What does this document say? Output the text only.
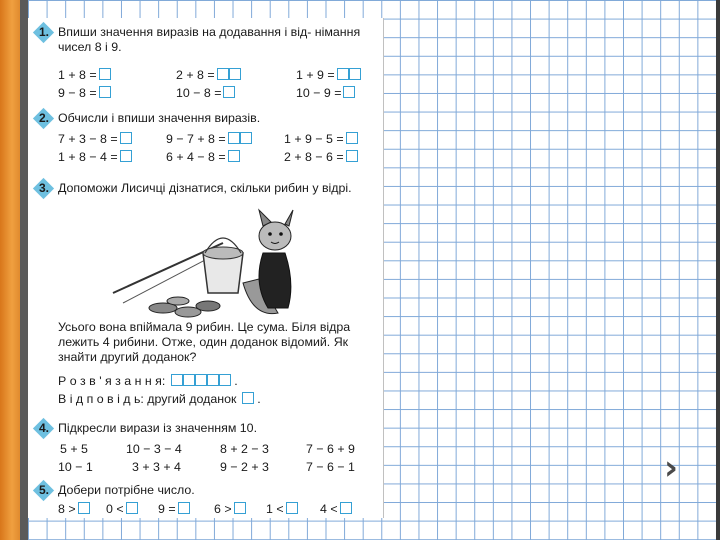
1. Впиши значення виразів на додавання і від- німання чисел 8 і 9.
1 + 8 =	2 + 8 =	1 + 9 =
9 − 8 =	10 − 8 =	10 − 9 =
2. Обчисли і впиши значення виразів.
7 + 3 − 8 =	9 − 7 + 8 =	1 + 9 − 5 =
1 + 8 − 4 =	6 + 4 − 8 =	2 + 8 − 6 =
3. Допоможи Лисичці дізнатися, скільки рибин у відрі.
Усього вона впіймала 9 рибин. Це сума. Біля відра лежить 4 рибини. Отже, один доданок відомий. Як знайти другий доданок?
Р о з в ' я з а н н я:	.
В і д п о в і д ь: другий доданок  .
4. Підкресли вирази із значенням 10.
5 + 5	10 − 3 − 4	8 + 2 − 3	7 − 6 + 9
10 − 1	3 + 3 + 4	9 − 2 + 3	7 − 6 − 1
5. Добери потрібне число.
8 >	0 <	9 =	6 >	1 <	4 <
›
